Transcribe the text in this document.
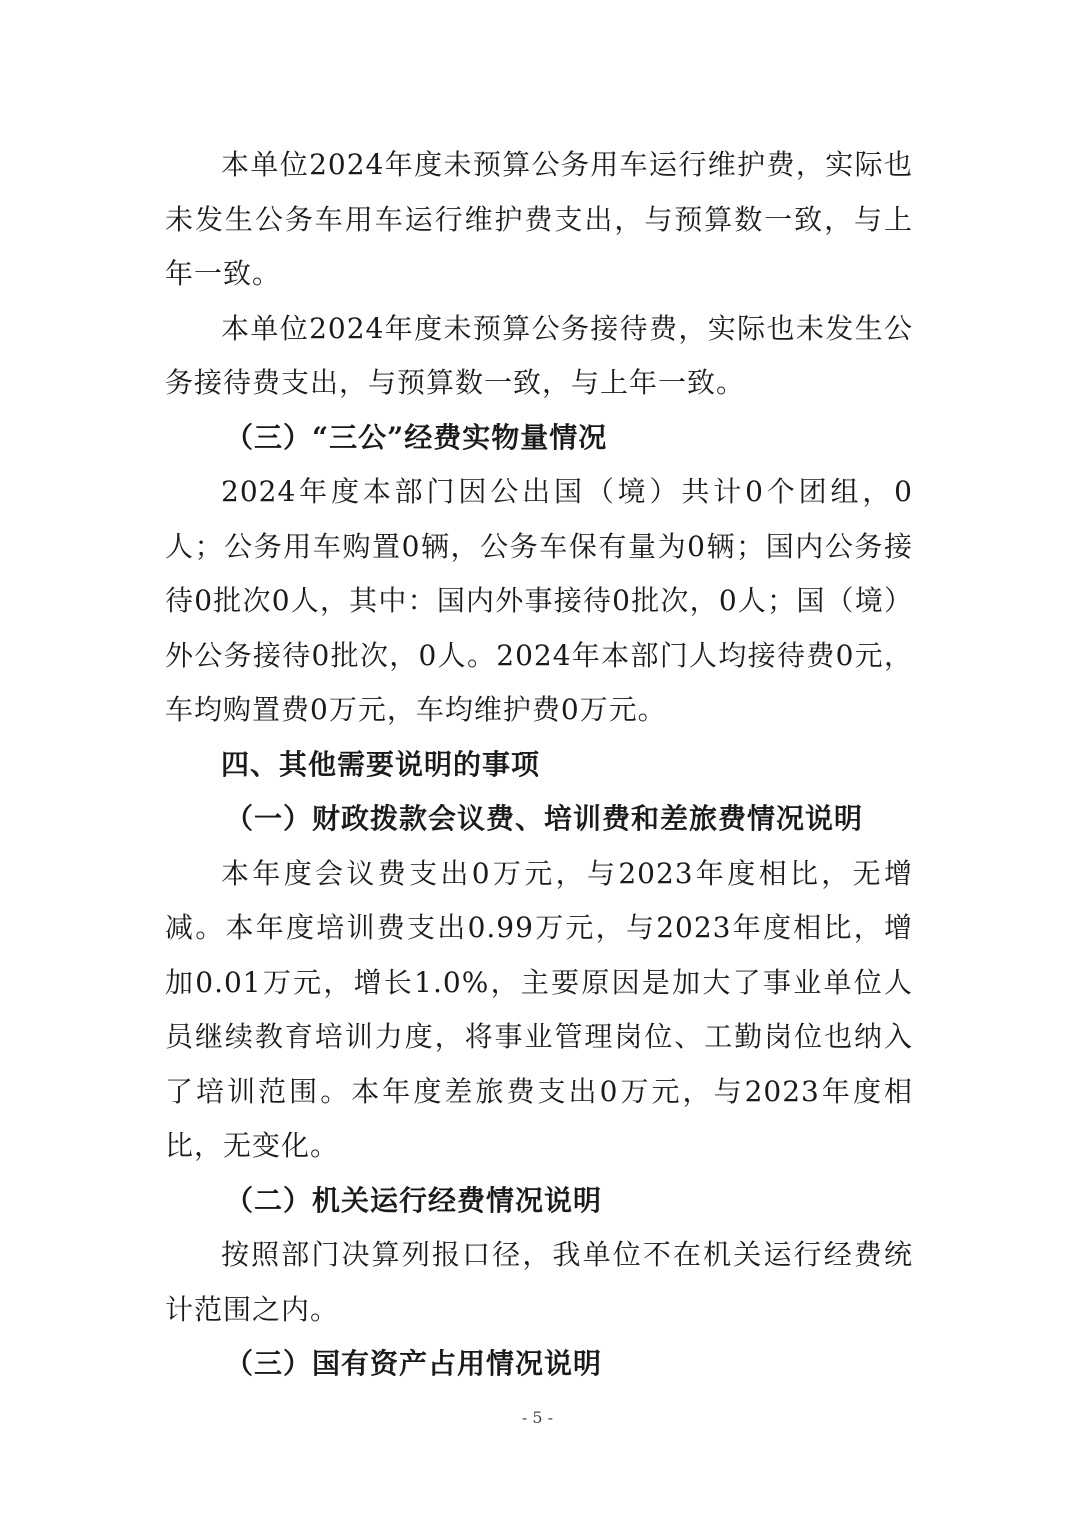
本单位2024年度未预算公务用车运行维护费，实际也未发生公务车用车运行维护费支出，与预算数一致，与上年一致。

本单位2024年度未预算公务接待费，实际也未发生公务接待费支出，与预算数一致，与上年一致。

（三）“三公”经费实物量情况

2024年度本部门因公出国（境）共计0个团组，0人；公务用车购置0辆，公务车保有量为0辆；国内公务接待0批次0人，其中：国内外事接待0批次，0人；国（境）外公务接待0批次，0人。2024年本部门人均接待费0元，车均购置费0万元，车均维护费0万元。

四、其他需要说明的事项

（一）财政拨款会议费、培训费和差旅费情况说明

本年度会议费支出0万元，与2023年度相比，无增减。本年度培训费支出0.99万元，与2023年度相比，增加0.01万元，增长1.0%，主要原因是加大了事业单位人员继续教育培训力度，将事业管理岗位、工勤岗位也纳入了培训范围。本年度差旅费支出0万元，与2023年度相比，无变化。

（二）机关运行经费情况说明

按照部门决算列报口径，我单位不在机关运行经费统计范围之内。

（三）国有资产占用情况说明

- 5 -
